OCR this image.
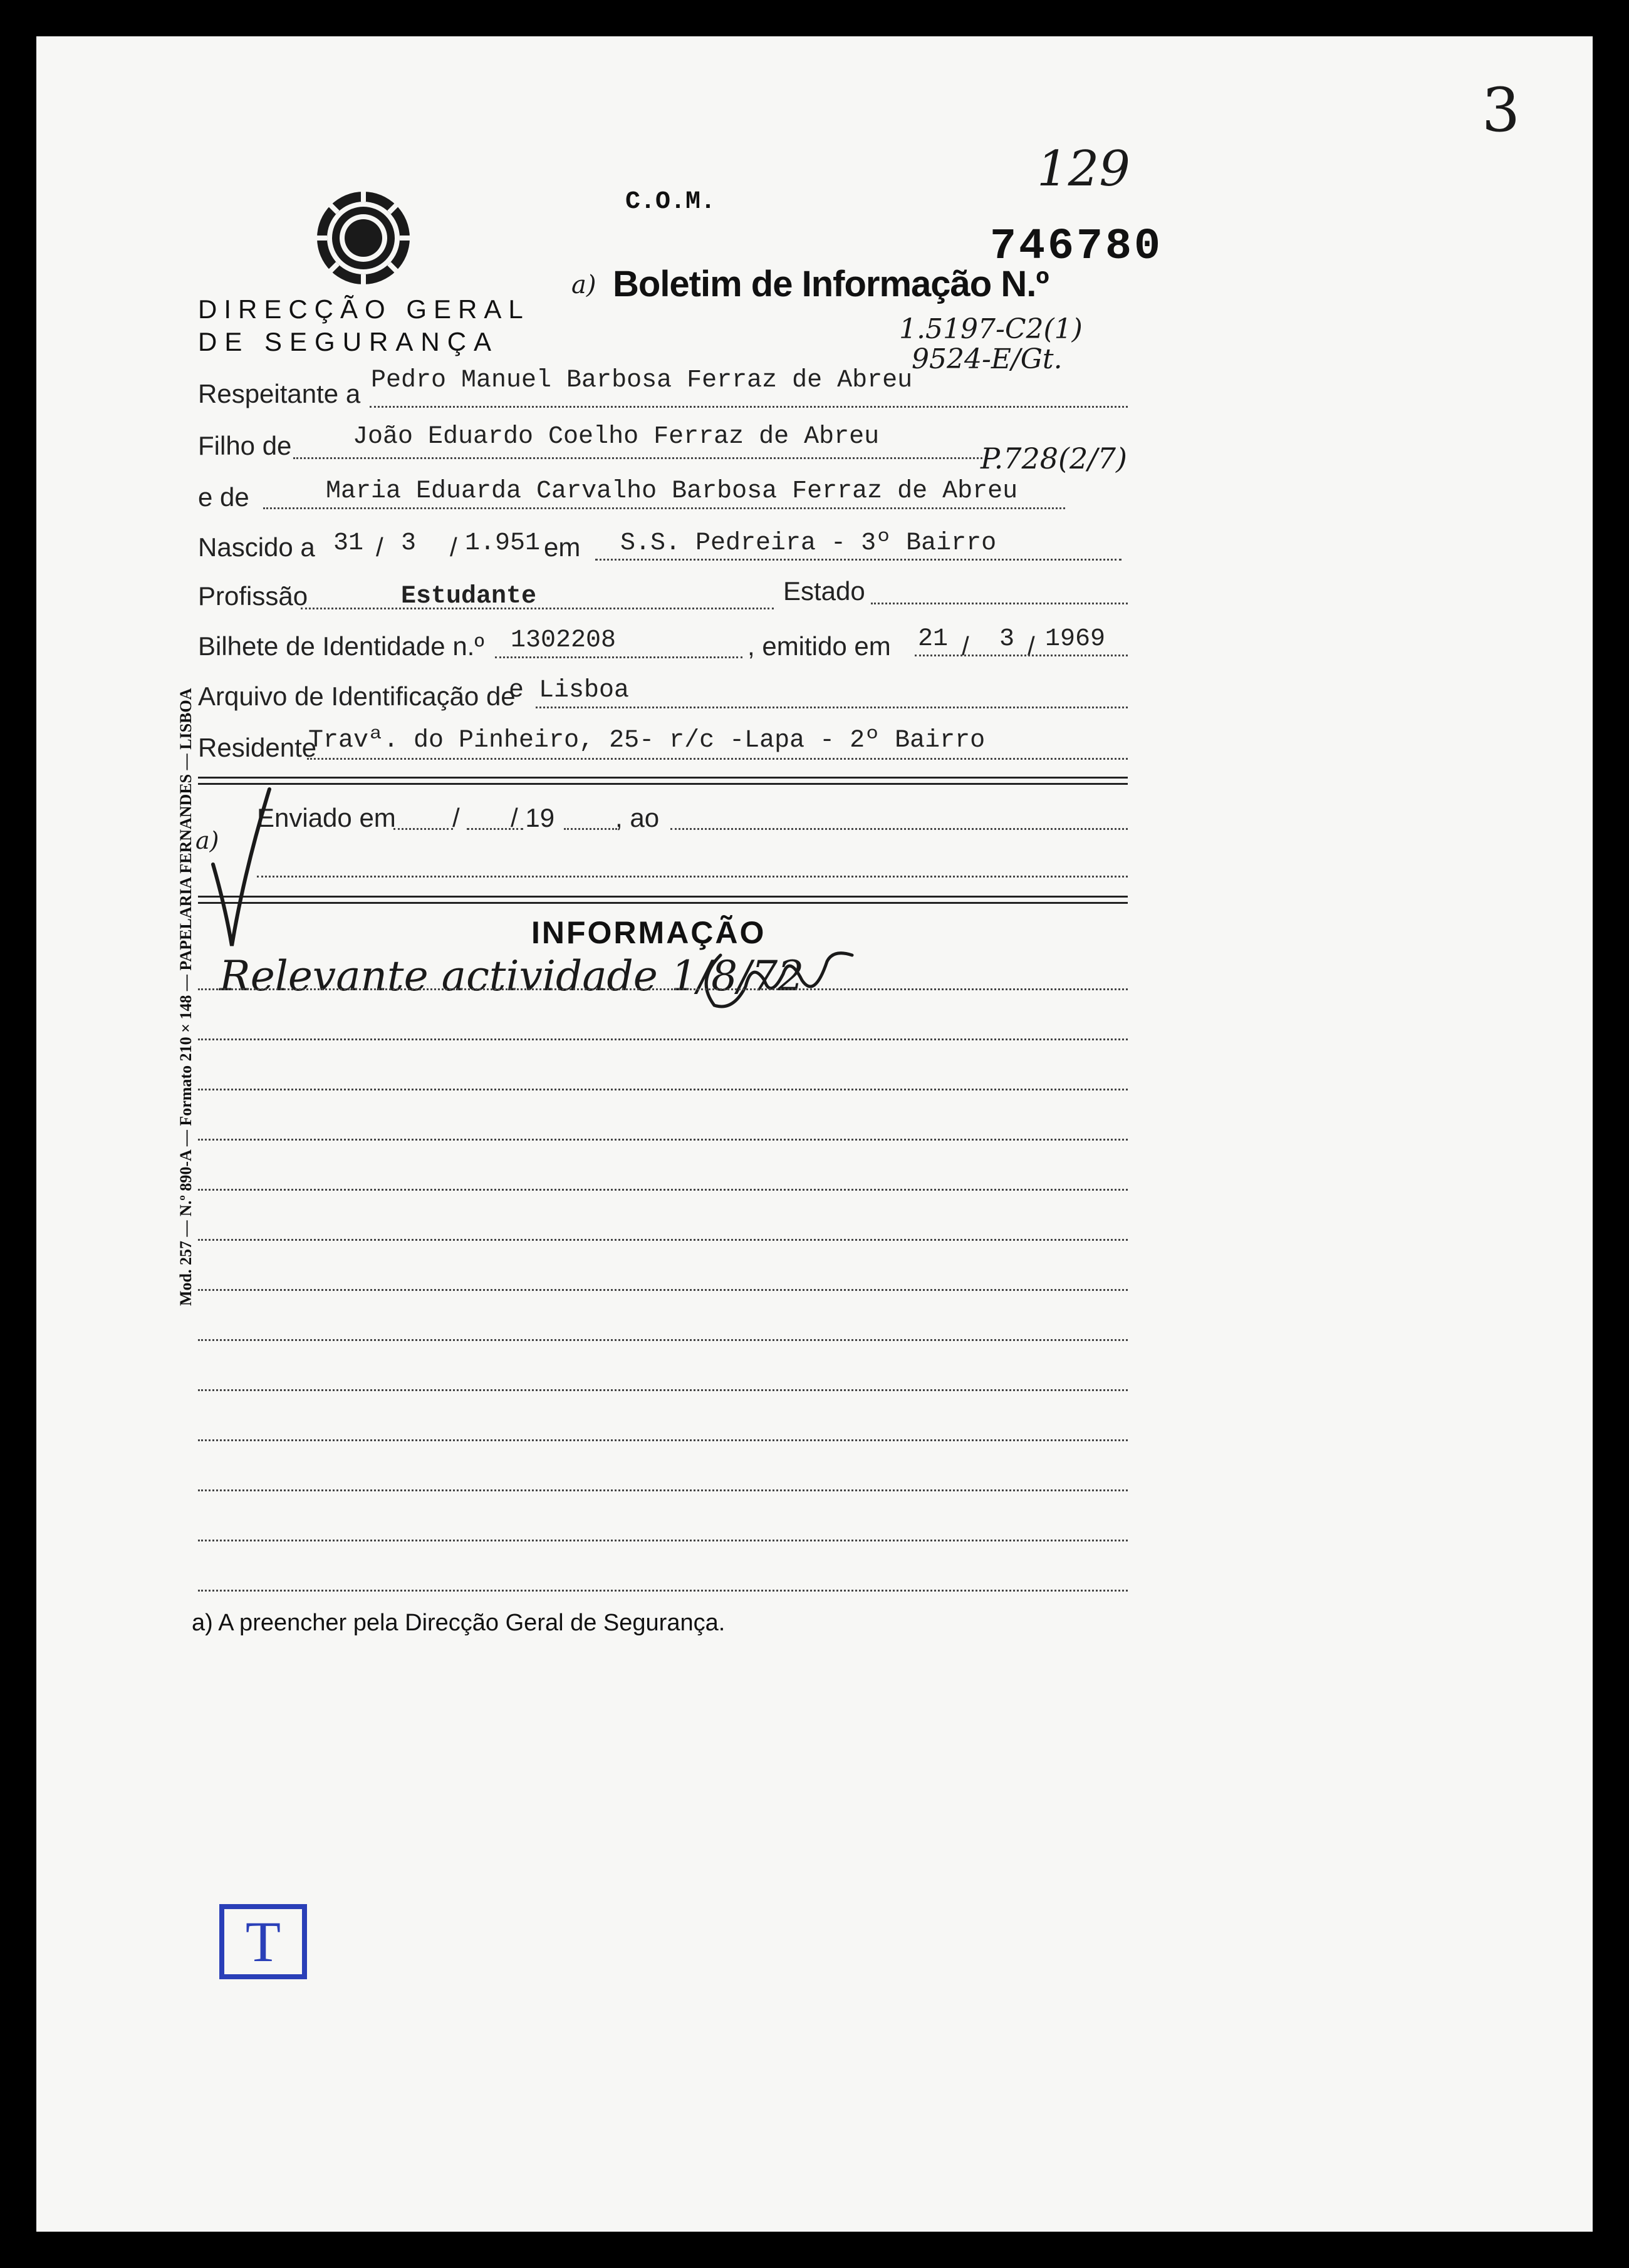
3
129
C.O.M.
746780
a) Boletim de Informação N.º
1.5197-C2(1)
9524-E/Gt.
DIRECÇÃO GERAL
DE SEGURANÇA
Respeitante a Pedro Manuel Barbosa Ferraz de Abreu
Filho de João Eduardo Coelho Ferraz de Abreu
P.728(2/7)
e de	Maria Eduarda Carvalho Barbosa Ferraz de Abreu
Nascido a 31 / 3 / 1.951 em S.S. Pedreira - 3º Bairro
Profissão	Estudante	Estado
Bilhete de Identidade n.º 1302208	, emitido em 21 / 3 / 1969
Arquivo de Identificação de
e Lisboa
Residente
Travª. do Pinheiro, 25- r/c -Lapa - 2º Bairro
a)
Enviado em / / 19 , ao
INFORMAÇÃO
Relevante actividade 1/8/72
a) A preencher pela Direcção Geral de Segurança.
Mod. 257 — N.º 890-A — Formato 210 × 148 — PAPELARIA FERNANDES — LISBOA
T
